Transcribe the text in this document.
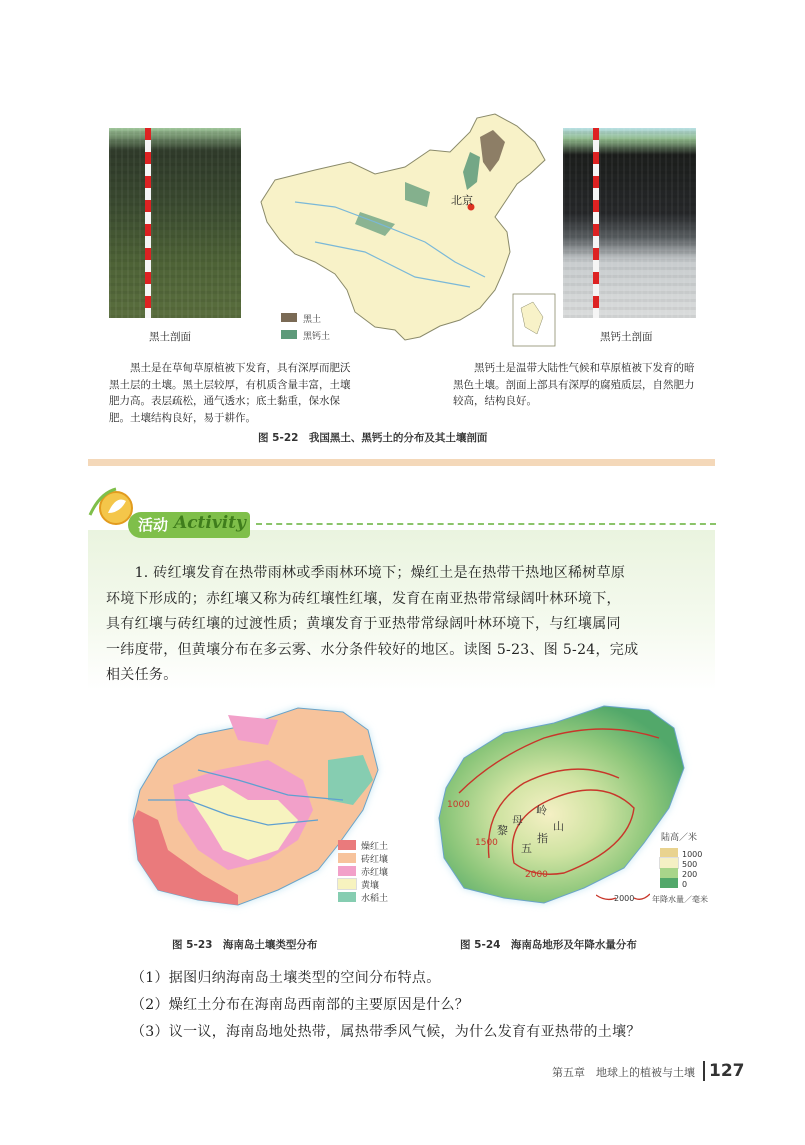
黑土剖面
北京
黑土
黑钙土	黑钙土剖面
　　黑土是在草甸草原植被下发育，具有深厚而肥沃
黑土层的土壤。黑土层较厚，有机质含量丰富，土壤
肥力高。表层疏松，通气透水；底土黏重，保水保
肥。土壤结构良好，易于耕作。
　　黑钙土是温带大陆性气候和草原植被下发育的暗
黑色土壤。剖面上部具有深厚的腐殖质层，自然肥力
较高，结构良好。
图 5-22　我国黑土、黑钙土的分布及其土壤剖面
活动 Activity
　　1. 砖红壤发育在热带雨林或季雨林环境下；燥红土是在热带干热地区稀树草原
环境下形成的；赤红壤又称为砖红壤性红壤，发育在南亚热带常绿阔叶林环境下，
具有红壤与砖红壤的过渡性质；黄壤发育于亚热带常绿阔叶林环境下，与红壤属同
一纬度带，但黄壤分布在多云雾、水分条件较好的地区。读图 5-23、图 5-24，完成
相关任务。
燥红土
砖红壤
赤红壤
黄壤
水稻土
图 5-23　海南岛土壤类型分布
黎
母
岭
五
指
山
1000
1500
2000
陆高／米
1000
500
200
0
2000 年降水量／毫米
图 5-24　海南岛地形及年降水量分布
（1）据图归纳海南岛土壤类型的空间分布特点。
（2）燥红土分布在海南岛西南部的主要原因是什么？
（3）议一议，海南岛地处热带，属热带季风气候，为什么发育有亚热带的土壤？
第五章　地球上的植被与土壤 127
